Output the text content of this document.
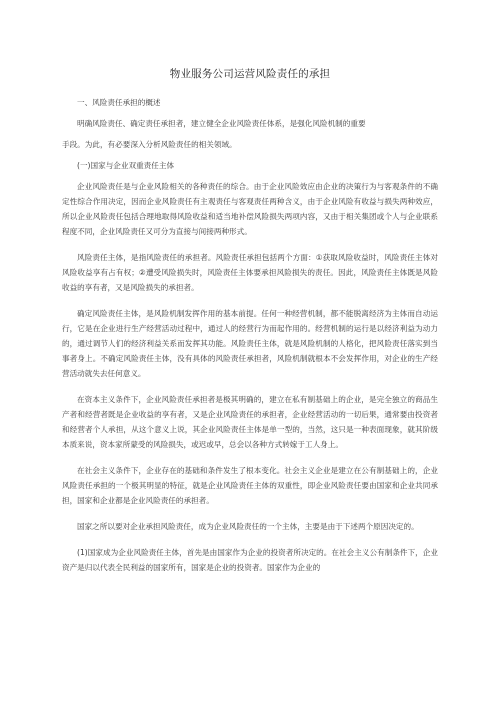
物业服务公司运营风险责任的承担

一、风险责任承担的概述

明确风险责任、确定责任承担者，建立健全企业风险责任体系，是强化风险机制的重要

手段。为此，有必要深入分析风险责任的相关领域。

(一)国家与企业双重责任主体

企业风险责任是与企业风险相关的各种责任的综合。由于企业风险效应由企业的决策行为与客观条件的不确定性综合作用决定，因而企业风险责任有主观责任与客观责任两种含义，由于企业风险有收益与损失两种效应，所以企业风险责任包括合理地取得风险收益和适当地补偿风险损失两项内容，又由于相关集团或个人与企业联系程度不同，企业风险责任又可分为直接与间接两种形式。

风险责任主体，是指风险责任的承担者。风险责任承担包括两个方面：①获取风险收益时，风险责任主体对风险收益享有占有权；②遭受风险损失时，风险责任主体要承担风险损失的责任。因此，风险责任主体既是风险收益的享有者，又是风险损失的承担者。

确定风险责任主体，是风险机制发挥作用的基本前提。任何一种经营机制，都不能脱离经济为主体而自动运行，它是在企业进行生产经营活动过程中，通过人的经营行为而起作用的。经营机制的运行是以经济利益为动力的，通过调节人们的经济利益关系而发挥其功能。风险责任主体，就是风险机制的人格化，把风险责任落实到当事者身上。不确定风险责任主体，没有具体的风险责任承担者，风险机制就根本不会发挥作用，对企业的生产经营活动就失去任何意义。

在资本主义条件下，企业风险责任承担者是极其明确的，建立在私有制基础上的企业，是完全独立的商品生产者和经营者既是企业收益的享有者，又是企业风险责任的承担者，企业经营活动的一切后果，通常要由投资者和经营者个人承担，从这个意义上说，其企业风险责任主体是单一型的，当然，这只是一种表面现象，就其阶级本质来说，资本家所蒙受的风险损失，或迟或早，总会以各种方式转嫁于工人身上。

在社会主义条件下，企业存在的基础和条件发生了根本变化。社会主义企业是建立在公有制基础上的，企业风险责任承担的一个极其明显的特征，就是企业风险责任主体的双重性，即企业风险责任要由国家和企业共同承担，国家和企业都是企业风险责任的承担者。

国家之所以要对企业承担风险责任，成为企业风险责任的一个主体，主要是由于下述两个原因决定的。

(1)国家成为企业风险责任主体，首先是由国家作为企业的投资者所决定的。在社会主义公有制条件下，企业资产是归以代表全民利益的国家所有，国家是企业的投资者。国家作为企业的
